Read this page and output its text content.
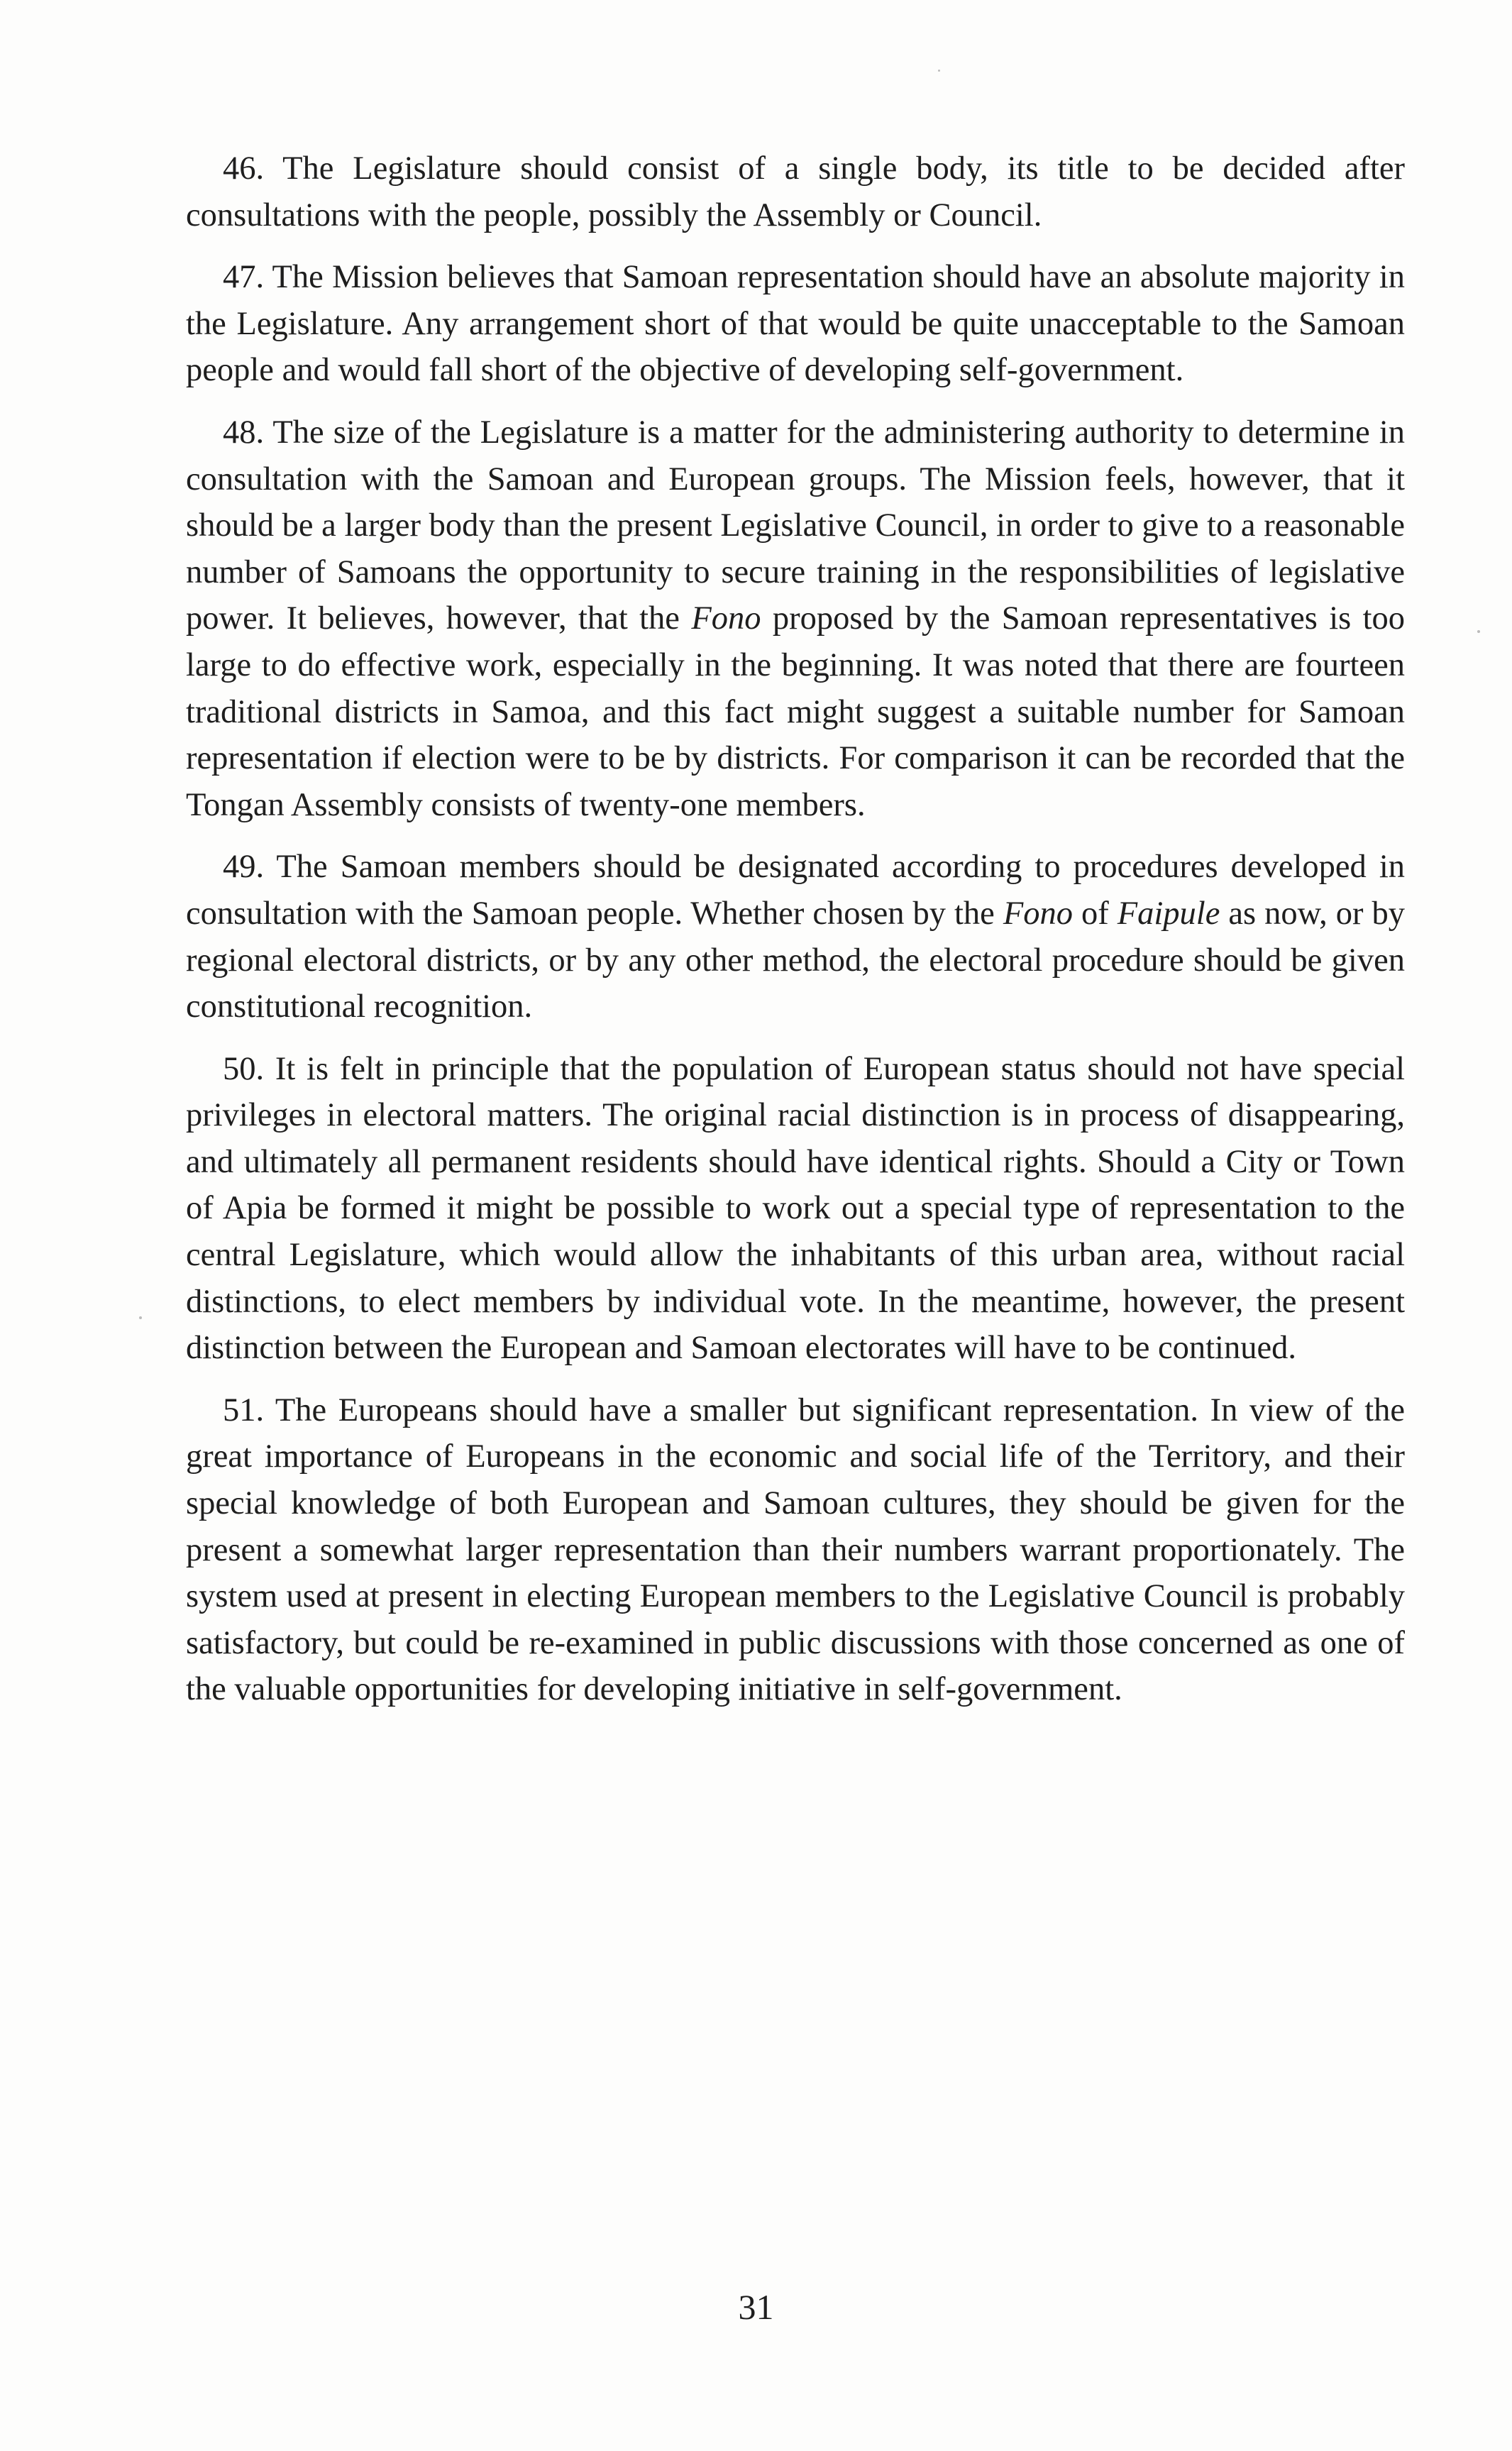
46. The Legislature should consist of a single body, its title to be decided after consultations with the people, possibly the Assembly or Council.

47. The Mission believes that Samoan representation should have an absolute majority in the Legislature. Any arrangement short of that would be quite unacceptable to the Samoan people and would fall short of the objective of developing self-government.

48. The size of the Legislature is a matter for the administering authority to determine in consultation with the Samoan and European groups. The Mission feels, however, that it should be a larger body than the present Legislative Council, in order to give to a reasonable number of Samoans the opportunity to secure training in the responsibilities of legislative power. It believes, however, that the Fono proposed by the Samoan representatives is too large to do effective work, especially in the beginning. It was noted that there are fourteen traditional districts in Samoa, and this fact might suggest a suitable number for Samoan representation if election were to be by districts. For comparison it can be recorded that the Tongan Assembly consists of twenty-one members.

49. The Samoan members should be designated according to procedures developed in consultation with the Samoan people. Whether chosen by the Fono of Faipule as now, or by regional electoral districts, or by any other method, the electoral procedure should be given constitutional recognition.

50. It is felt in principle that the population of European status should not have special privileges in electoral matters. The original racial distinction is in process of disappearing, and ultimately all permanent residents should have identical rights. Should a City or Town of Apia be formed it might be possible to work out a special type of representation to the central Legislature, which would allow the inhabitants of this urban area, without racial distinctions, to elect members by individual vote. In the meantime, however, the present distinction between the European and Samoan electorates will have to be continued.

51. The Europeans should have a smaller but significant representation. In view of the great importance of Europeans in the economic and social life of the Territory, and their special knowledge of both European and Samoan cultures, they should be given for the present a somewhat larger representation than their numbers warrant proportionately. The system used at present in electing European members to the Legislative Council is probably satisfactory, but could be re-examined in public discussions with those concerned as one of the valuable opportunities for developing initiative in self-government.

31
